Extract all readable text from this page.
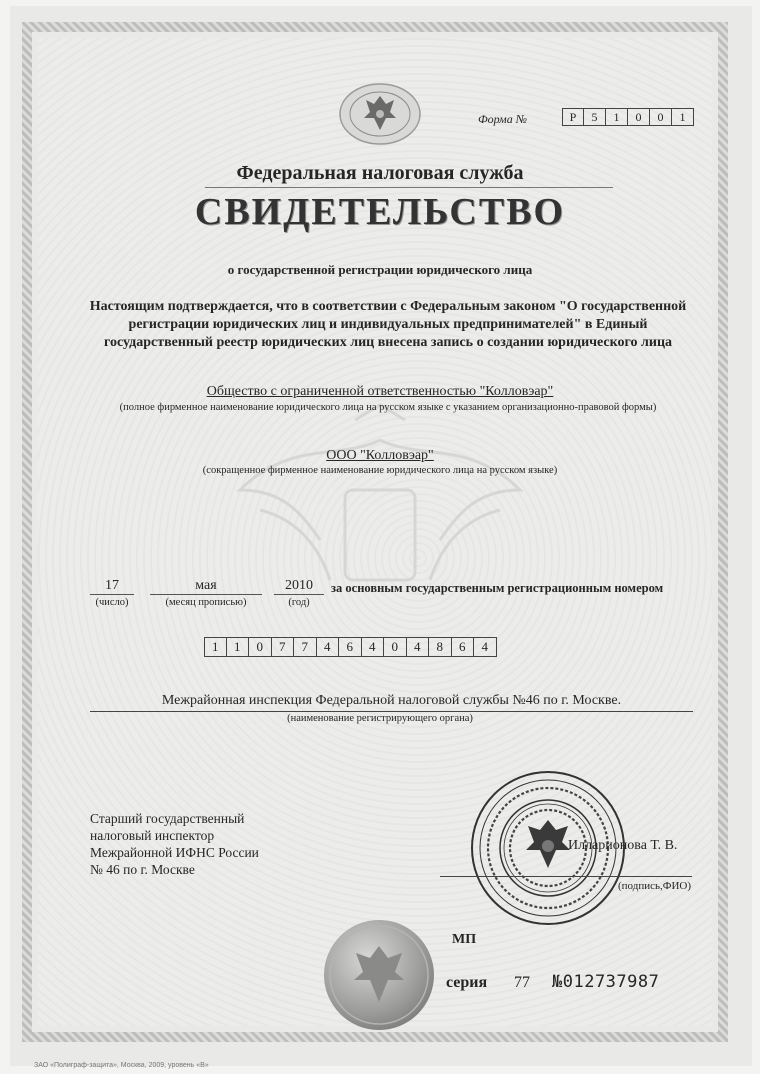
Форма №	Р	5	1	0	0	1
Федеральная налоговая служба
СВИДЕТЕЛЬСТВО
о государственной регистрации юридического лица
Настоящим подтверждается, что в соответствии с Федеральным законом "О государственной регистрации юридических лиц и индивидуальных предпринимателей" в Единый государственный реестр юридических лиц внесена запись о создании юридического лица
Общество с ограниченной ответственностью "Колловэар"
(полное фирменное наименование юридического лица на русском языке с указанием организационно-правовой формы)
ООО "Колловэар"
(сокращенное фирменное наименование юридического лица на русском языке)
17
(число)
мая
(месяц прописью)
2010
(год)
за основным государственным регистрационным номером
1	1	0	7	7	4	6	4	0	4	8	6	4
Межрайонная инспекция Федеральной налоговой службы №46 по г. Москве.
(наименование регистрирующего органа)
Старший государственный
налоговый инспектор
Межрайонной ИФНС России
№ 46 по г. Москве
Илларионова Т. В.
(подпись,ФИО)
МП
серия 77 №012737987
ЗАО «Полиграф-защита», Москва, 2009, уровень «В»
